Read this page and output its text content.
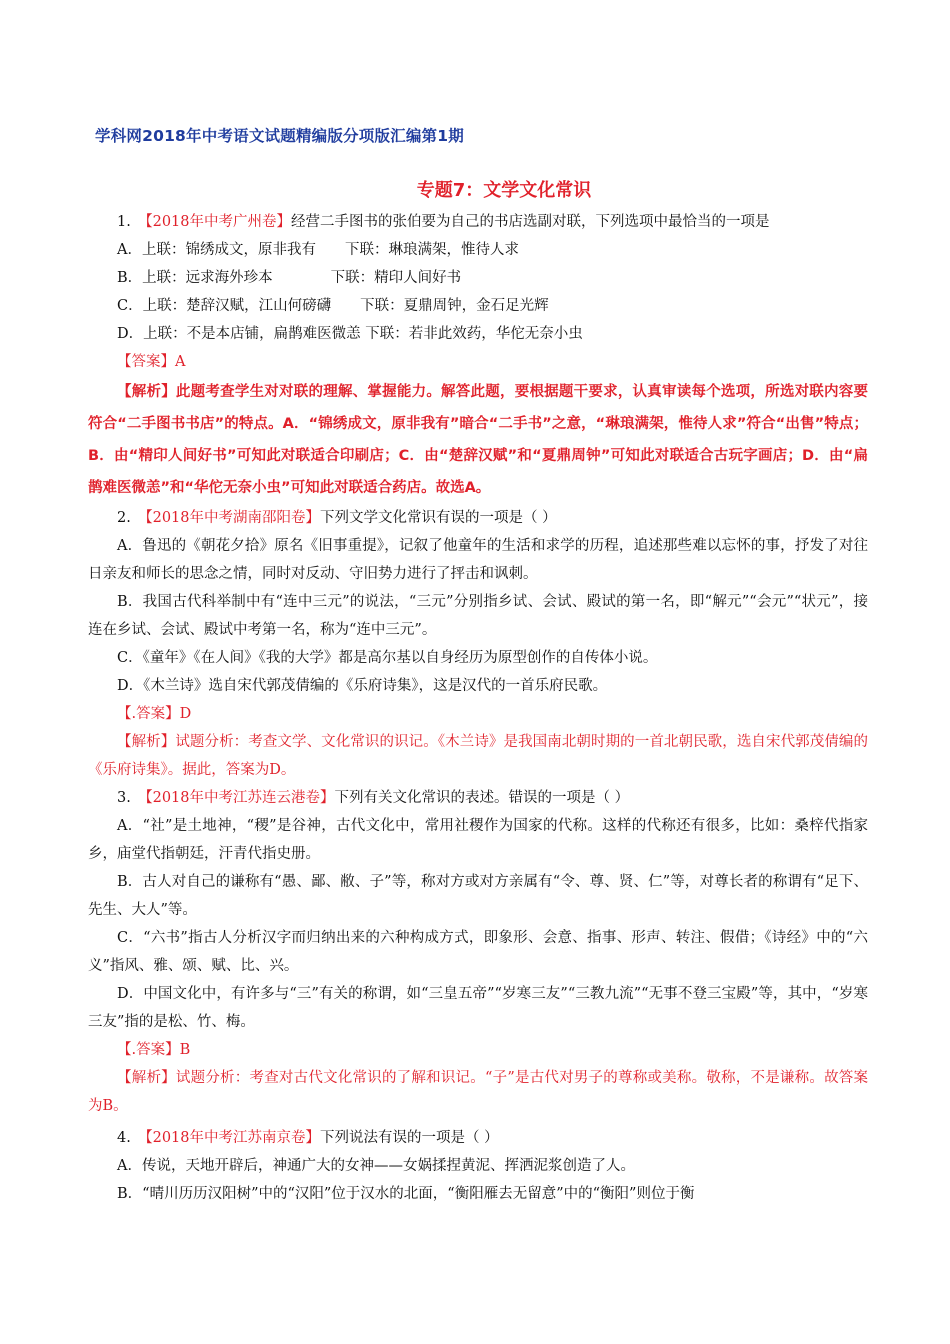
学科网2018年中考语文试题精编版分项版汇编第1期
专题7：文学文化常识

1.　 【2018年中考广州卷】经营二手图书的张伯要为自己的书店选副对联，下列选项中最恰当的一项是

A．上联：锦绣成文，原非我有　　下联：琳琅满架，惟待人求

B．上联：远求海外珍本　　　　下联：精印人间好书

C．上联：楚辞汉赋，江山何磅礴　　下联：夏鼎周钟，金石足光辉

D．上联：不是本店铺，扁鹊难医微恙 下联：若非此效药，华佗无奈小虫

【答案】A

【解析】此题考查学生对对联的理解、掌握能力。解答此题，要根据题干要求，认真审读每个选项，所选对联内容要符合“二手图书书店”的特点。A．“锦绣成文，原非我有”暗合“二手书”之意，“琳琅满架，惟待人求”符合“出售”特点；B．由“精印人间好书”可知此对联适合印刷店；C．由“楚辞汉赋”和“夏鼎周钟”可知此对联适合古玩字画店；D．由“扁鹊难医微恙”和“华佗无奈小虫”可知此对联适合药店。故选A。

2.　 【2018年中考湖南邵阳卷】下列文学文化常识有误的一项是（ ）

A．鲁迅的《朝花夕拾》原名《旧事重提》，记叙了他童年的生活和求学的历程，追述那些难以忘怀的事，抒发了对往日亲友和师长的思念之情，同时对反动、守旧势力进行了抨击和讽刺。

B．我国古代科举制中有“连中三元”的说法，“三元”分别指乡试、会试、殿试的第一名，即“解元”“会元”“状元”，接连在乡试、会试、殿试中考第一名，称为“连中三元”。

C．《童年》《在人间》《我的大学》都是高尔基以自身经历为原型创作的自传体小说。

D．《木兰诗》选自宋代郭茂倩编的《乐府诗集》，这是汉代的一首乐府民歌。

【.答案】D

【解析】试题分析：考查文学、文化常识的识记。《木兰诗》是我国南北朝时期的一首北朝民歌，选自宋代郭茂倩编的《乐府诗集》。据此，答案为D。

3.　 【2018年中考江苏连云港卷】下列有关文化常识的表述。错误的一项是（ ）

A．“社”是土地神，“稷”是谷神，古代文化中，常用社稷作为国家的代称。这样的代称还有很多，比如：桑梓代指家乡，庙堂代指朝廷，汗青代指史册。

B．古人对自己的谦称有“愚、鄙、敝、子”等，称对方或对方亲属有“令、尊、贤、仁”等，对尊长者的称谓有“足下、先生、大人”等。

C．“六书”指古人分析汉字而归纳出来的六种构成方式，即象形、会意、指事、形声、转注、假借；《诗经》中的“六义”指风、雅、颂、赋、比、兴。

D．中国文化中，有许多与“三”有关的称谓，如“三皇五帝”“岁寒三友”“三教九流”“无事不登三宝殿”等，其中，“岁寒三友”指的是松、竹、梅。

【.答案】B

【解析】试题分析：考查对古代文化常识的了解和识记。“子”是古代对男子的尊称或美称。敬称，不是谦称。故答案为B。

4.　 【2018年中考江苏南京卷】下列说法有误的一项是（ ）

A．传说，天地开辟后，神通广大的女神——女娲揉捏黄泥、挥洒泥浆创造了人。

B．“晴川历历汉阳树”中的“汉阳”位于汉水的北面，“衡阳雁去无留意”中的“衡阳”则位于衡
